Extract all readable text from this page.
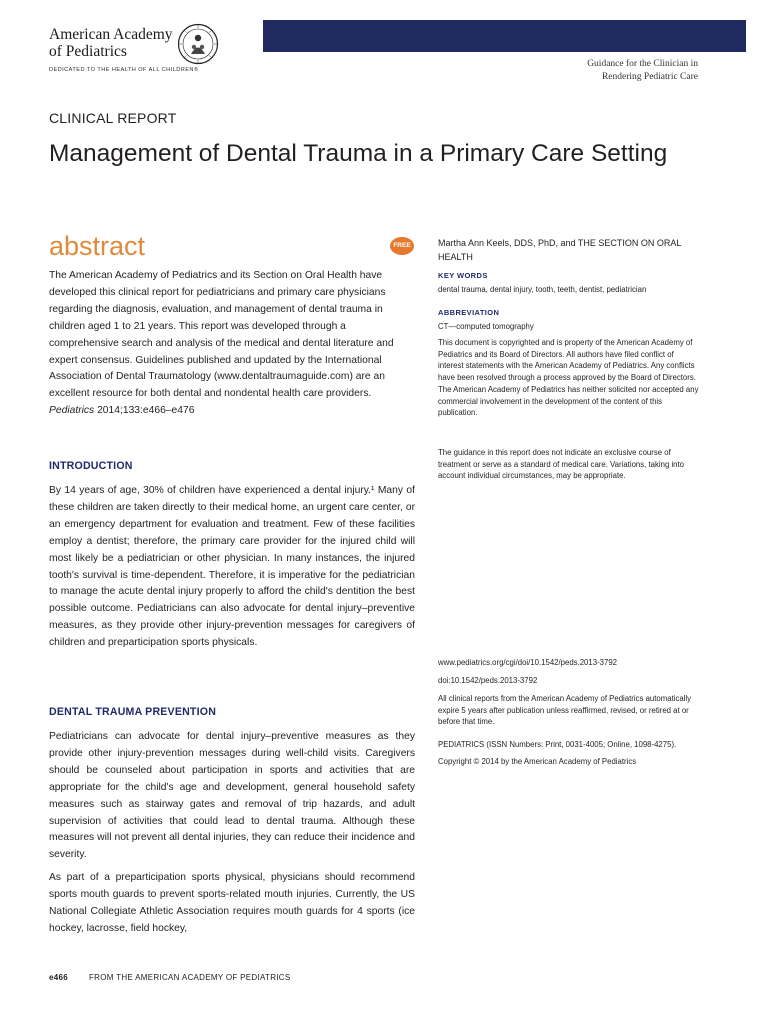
American Academy
of Pediatrics
DEDICATED TO THE HEALTH OF ALL CHILDREN®
Guidance for the Clinician in
Rendering Pediatric Care
CLINICAL REPORT
Management of Dental Trauma in a Primary Care Setting
abstract	FREE

The American Academy of Pediatrics and its Section on Oral Health have developed this clinical report for pediatricians and primary care physicians regarding the diagnosis, evaluation, and management of dental trauma in children aged 1 to 21 years. This report was developed through a comprehensive search and analysis of the medical and dental literature and expert consensus. Guidelines published and updated by the International Association of Dental Traumatology (www.dentaltraumaguide.com) are an excellent resource for both dental and nondental health care providers. Pediatrics 2014;133:e466–e476

INTRODUCTION

By 14 years of age, 30% of children have experienced a dental injury.¹ Many of these children are taken directly to their medical home, an urgent care center, or an emergency department for evaluation and treatment. Few of these facilities employ a dentist; therefore, the primary care provider for the injured child will most likely be a pediatrician or other physician. In many instances, the injured tooth's survival is time-dependent. Therefore, it is imperative for the pediatrician to manage the acute dental injury properly to afford the child's dentition the best possible outcome. Pediatricians can also advocate for dental injury–preventive measures, as they provide other injury-prevention messages for caregivers of children and preparticipation sports physicals.

DENTAL TRAUMA PREVENTION

Pediatricians can advocate for dental injury–preventive measures as they provide other injury-prevention messages during well-child visits. Caregivers should be counseled about participation in sports and activities that are appropriate for the child's age and development, general household safety measures such as stairway gates and removal of trip hazards, and adult supervision of activities that could lead to dental trauma. Although these measures will not prevent all dental injuries, they can reduce their incidence and severity.

As part of a preparticipation sports physical, physicians should recommend sports mouth guards to prevent sports-related mouth injuries. Currently, the US National Collegiate Athletic Association requires mouth guards for 4 sports (ice hockey, lacrosse, field hockey,

Martha Ann Keels, DDS, PhD, and THE SECTION ON ORAL HEALTH
KEY WORDS
dental trauma, dental injury, tooth, teeth, dentist, pediatrician
ABBREVIATION
CT—computed tomography

This document is copyrighted and is property of the American Academy of Pediatrics and its Board of Directors. All authors have filed conflict of interest statements with the American Academy of Pediatrics. Any conflicts have been resolved through a process approved by the Board of Directors. The American Academy of Pediatrics has neither solicited nor accepted any commercial involvement in the development of the content of this publication.

The guidance in this report does not indicate an exclusive course of treatment or serve as a standard of medical care. Variations, taking into account individual circumstances, may be appropriate.

www.pediatrics.org/cgi/doi/10.1542/peds.2013-3792
doi:10.1542/peds.2013-3792

All clinical reports from the American Academy of Pediatrics automatically expire 5 years after publication unless reaffirmed, revised, or retired at or before that time.

PEDIATRICS (ISSN Numbers: Print, 0031-4005; Online, 1098-4275).
Copyright © 2014 by the American Academy of Pediatrics
e466	FROM THE AMERICAN ACADEMY OF PEDIATRICS
